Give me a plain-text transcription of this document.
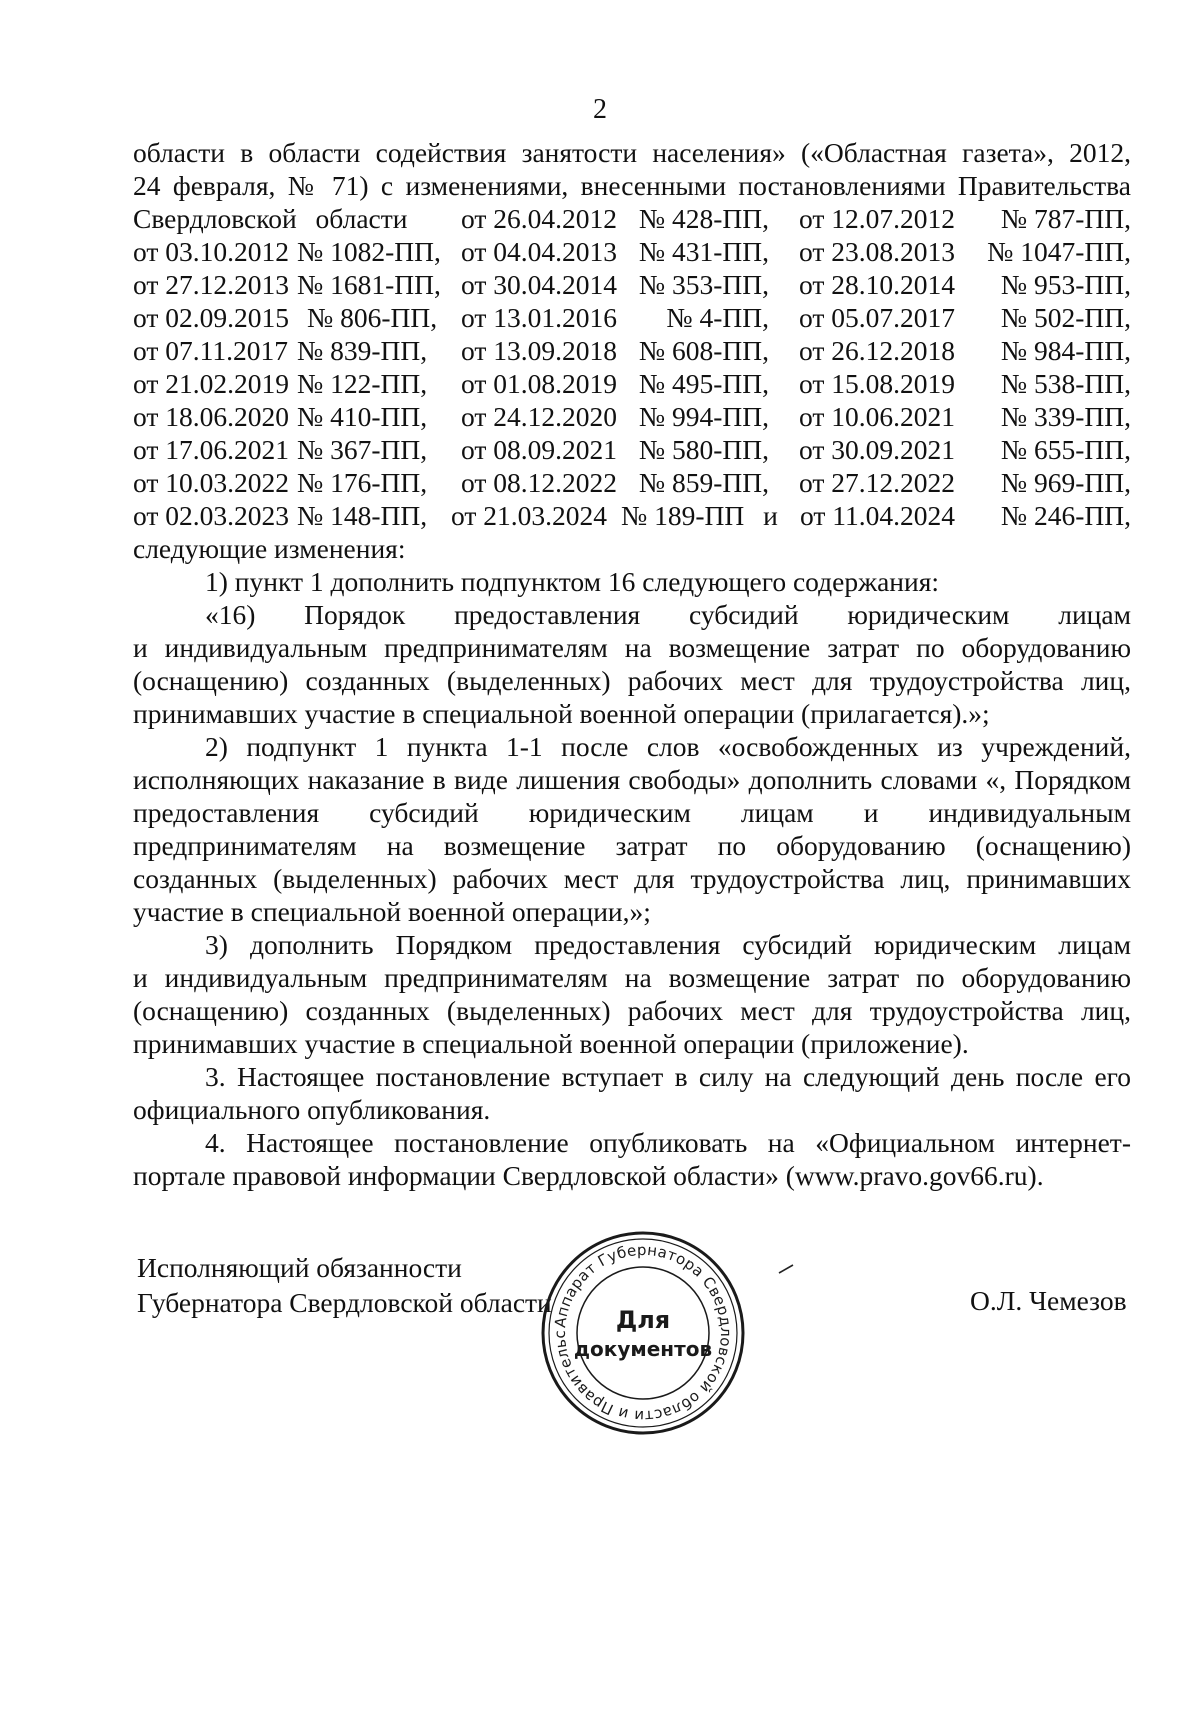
2

области в области содействия занятости населения» («Областная газета», 2012,

24 февраля, № 71) с изменениями, внесенными постановлениями Правительства

Свердловской области		от 26.04.2012	№ 428-ПП,	от 12.07.2012	№ 787-ПП,
от 03.10.2012	№ 1082-ПП,	от 04.04.2013	№ 431-ПП,	от 23.08.2013	№ 1047-ПП,
от 27.12.2013	№ 1681-ПП,	от 30.04.2014	№ 353-ПП,	от 28.10.2014	№ 953-ПП,
от 02.09.2015	№ 806-ПП,	от 13.01.2016	№ 4-ПП,	от 05.07.2017	№ 502-ПП,
от 07.11.2017	№ 839-ПП,	от 13.09.2018	№ 608-ПП,	от 26.12.2018	№ 984-ПП,
от 21.02.2019	№ 122-ПП,	от 01.08.2019	№ 495-ПП,	от 15.08.2019	№ 538-ПП,
от 18.06.2020	№ 410-ПП,	от 24.12.2020	№ 994-ПП,	от 10.06.2021	№ 339-ПП,
от 17.06.2021	№ 367-ПП,	от 08.09.2021	№ 580-ПП,	от 30.09.2021	№ 655-ПП,
от 10.03.2022	№ 176-ПП,	от 08.12.2022	№ 859-ПП,	от 27.12.2022	№ 969-ПП,
от 02.03.2023	№ 148-ПП,	от 21.03.2024	№ 189-ПП и	от 11.04.2024	№ 246-ПП,

следующие изменения:

1) пункт 1 дополнить подпунктом 16 следующего содержания:

«16) Порядок предоставления субсидий юридическим лицам

и индивидуальным предпринимателям на возмещение затрат по оборудованию

(оснащению) созданных (выделенных) рабочих мест для трудоустройства лиц,

принимавших участие в специальной военной операции (прилагается).»;

2) подпункт 1 пункта 1-1 после слов «освобожденных из учреждений,

исполняющих наказание в виде лишения свободы» дополнить словами «, Порядком

предоставления субсидий юридическим лицам и индивидуальным

предпринимателям на возмещение затрат по оборудованию (оснащению)

созданных (выделенных) рабочих мест для трудоустройства лиц, принимавших

участие в специальной военной операции,»;

3) дополнить Порядком предоставления субсидий юридическим лицам

и индивидуальным предпринимателям на возмещение затрат по оборудованию

(оснащению) созданных (выделенных) рабочих мест для трудоустройства лиц,

принимавших участие в специальной военной операции (приложение).

3. Настоящее постановление вступает в силу на следующий день после его

официального опубликования.

4. Настоящее постановление опубликовать на «Официальном интернет-

портале правовой информации Свердловской области» (www.pravo.gov66.ru).

Исполняющий обязанности
Губернатора Свердловской области
Аппарат Губернатора Свердловской области и Правительс
Для
документов
О.Л. Чемезов
